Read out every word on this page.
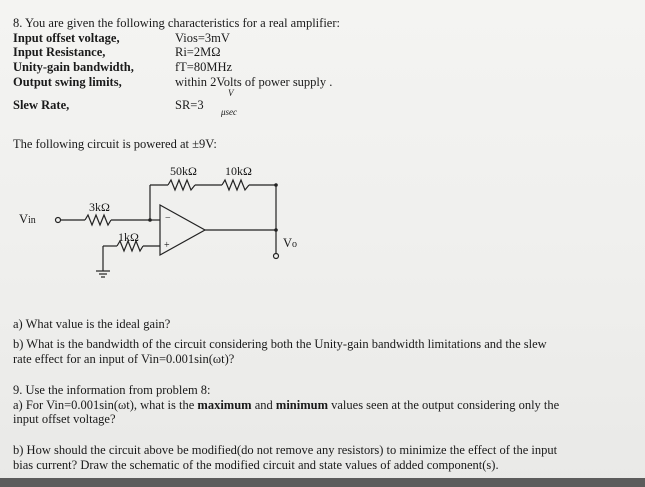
8. You are given the following characteristics for a real amplifier:
Input offset voltage,	Vios=3mV
Input Resistance,	Ri=2MΩ
Unity-gain bandwidth,	fT=80MHz
Output swing limits,	within 2Volts of power supply .
Slew Rate,	SR=3
V
μsec
The following circuit is powered at ±9V:
50kΩ 10kΩ
3kΩ
1kΩ
Vin
Vo
−
+
a) What value is the ideal gain?
b) What is the bandwidth of the circuit considering both the Unity-gain bandwidth limitations and the slew
rate effect for an input of Vin=0.001sin(ωt)?
9. Use the information from problem 8:
a) For Vin=0.001sin(ωt), what is the maximum and minimum values seen at the output considering only the
input offset voltage?
b) How should the circuit above be modified(do not remove any resistors) to minimize the effect of the input
bias current? Draw the schematic of the modified circuit and state values of added component(s).
